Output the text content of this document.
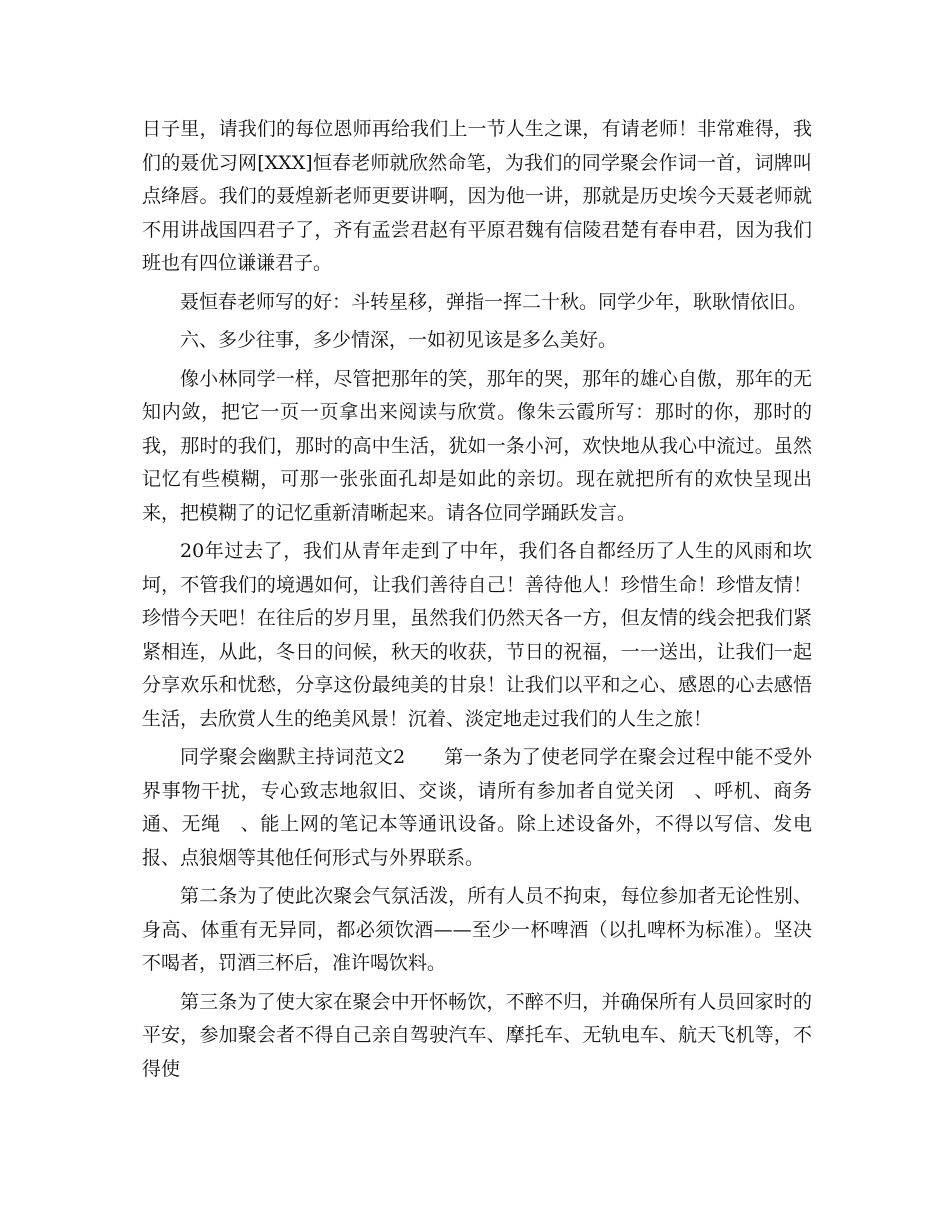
日子里，请我们的每位恩师再给我们上一节人生之课，有请老师！非常难得，我们的聂优习网[XXX]恒春老师就欣然命笔，为我们的同学聚会作词一首，词牌叫点绛唇。我们的聂煌新老师更要讲啊，因为他一讲，那就是历史埃今天聂老师就不用讲战国四君子了，齐有孟尝君赵有平原君魏有信陵君楚有春申君，因为我们班也有四位谦谦君子。

聂恒春老师写的好：斗转星移，弹指一挥二十秋。同学少年，耿耿情依旧。

六、多少往事，多少情深，一如初见该是多么美好。

像小林同学一样，尽管把那年的笑，那年的哭，那年的雄心自傲，那年的无知内敛，把它一页一页拿出来阅读与欣赏。像朱云霞所写：那时的你，那时的我，那时的我们，那时的高中生活，犹如一条小河，欢快地从我心中流过。虽然记忆有些模糊，可那一张张面孔却是如此的亲切。现在就把所有的欢快呈现出来，把模糊了的记忆重新清晰起来。请各位同学踊跃发言。

20年过去了，我们从青年走到了中年，我们各自都经历了人生的风雨和坎坷，不管我们的境遇如何，让我们善待自己！善待他人！珍惜生命！珍惜友情！珍惜今天吧！在往后的岁月里，虽然我们仍然天各一方，但友情的线会把我们紧紧相连，从此，冬日的问候，秋天的收获，节日的祝福，一一送出，让我们一起分享欢乐和忧愁，分享这份最纯美的甘泉！让我们以平和之心、感恩的心去感悟生活，去欣赏人生的绝美风景！沉着、淡定地走过我们的人生之旅！

同学聚会幽默主持词范文2　　第一条为了使老同学在聚会过程中能不受外界事物干扰，专心致志地叙旧、交谈，请所有参加者自觉关闭　、呼机、商务通、无绳　、能上网的笔记本等通讯设备。除上述设备外，不得以写信、发电报、点狼烟等其他任何形式与外界联系。

第二条为了使此次聚会气氛活泼，所有人员不拘束，每位参加者无论性别、身高、体重有无异同，都必须饮酒——至少一杯啤酒（以扎啤杯为标准）。坚决不喝者，罚酒三杯后，准许喝饮料。

第三条为了使大家在聚会中开怀畅饮，不醉不归，并确保所有人员回家时的平安，参加聚会者不得自己亲自驾驶汽车、摩托车、无轨电车、航天飞机等，不得使
